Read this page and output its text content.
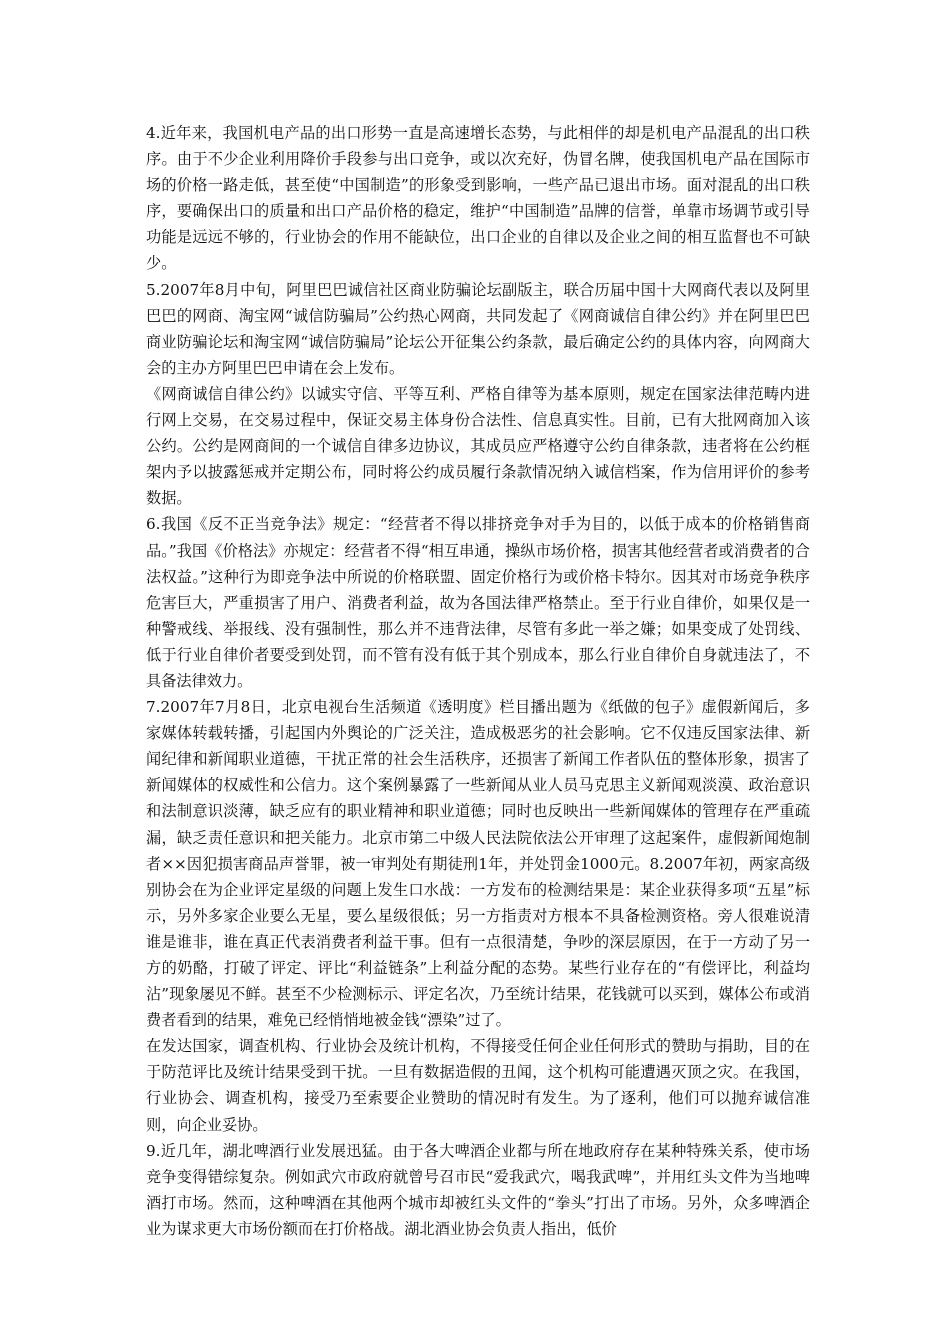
4.近年来，我国机电产品的出口形势一直是高速增长态势，与此相伴的却是机电产品混乱的出口秩序。由于不少企业利用降价手段参与出口竞争，或以次充好，伪冒名牌，使我国机电产品在国际市场的价格一路走低，甚至使“中国制造”的形象受到影响，一些产品已退出市场。面对混乱的出口秩序，要确保出口的质量和出口产品价格的稳定，维护“中国制造”品牌的信誉，单靠市场调节或引导功能是远远不够的，行业协会的作用不能缺位，出口企业的自律以及企业之间的相互监督也不可缺少。

5.2007年8月中旬，阿里巴巴诚信社区商业防骗论坛副版主，联合历届中国十大网商代表以及阿里巴巴的网商、淘宝网“诚信防骗局”公约热心网商，共同发起了《网商诚信自律公约》并在阿里巴巴商业防骗论坛和淘宝网“诚信防骗局”论坛公开征集公约条款，最后确定公约的具体内容，向网商大会的主办方阿里巴巴申请在会上发布。

《网商诚信自律公约》以诚实守信、平等互利、严格自律等为基本原则，规定在国家法律范畴内进行网上交易，在交易过程中，保证交易主体身份合法性、信息真实性。目前，已有大批网商加入该公约。公约是网商间的一个诚信自律多边协议，其成员应严格遵守公约自律条款，违者将在公约框架内予以披露惩戒并定期公布，同时将公约成员履行条款情况纳入诚信档案，作为信用评价的参考数据。

6.我国《反不正当竞争法》规定：“经营者不得以排挤竞争对手为目的，以低于成本的价格销售商品。”我国《价格法》亦规定：经营者不得“相互串通，操纵市场价格，损害其他经营者或消费者的合法权益。”这种行为即竞争法中所说的价格联盟、固定价格行为或价格卡特尔。因其对市场竞争秩序危害巨大，严重损害了用户、消费者利益，故为各国法律严格禁止。至于行业自律价，如果仅是一种警戒线、举报线、没有强制性，那么并不违背法律，尽管有多此一举之嫌；如果变成了处罚线、低于行业自律价者要受到处罚，而不管有没有低于其个别成本，那么行业自律价自身就违法了，不具备法律效力。

7.2007年7月8日，北京电视台生活频道《透明度》栏目播出题为《纸做的包子》虚假新闻后，多家媒体转载转播，引起国内外舆论的广泛关注，造成极恶劣的社会影响。它不仅违反国家法律、新闻纪律和新闻职业道德，干扰正常的社会生活秩序，还损害了新闻工作者队伍的整体形象，损害了新闻媒体的权威性和公信力。这个案例暴露了一些新闻从业人员马克思主义新闻观淡漠、政治意识和法制意识淡薄，缺乏应有的职业精神和职业道德；同时也反映出一些新闻媒体的管理存在严重疏漏，缺乏责任意识和把关能力。北京市第二中级人民法院依法公开审理了这起案件，虚假新闻炮制者××因犯损害商品声誉罪，被一审判处有期徒刑1年，并处罚金1000元。8.2007年初，两家高级别协会在为企业评定星级的问题上发生口水战：一方发布的检测结果是：某企业获得多项“五星”标示，另外多家企业要么无星，要么星级很低；另一方指责对方根本不具备检测资格。旁人很难说清谁是谁非，谁在真正代表消费者利益干事。但有一点很清楚，争吵的深层原因，在于一方动了另一方的奶酪，打破了评定、评比“利益链条”上利益分配的态势。某些行业存在的“有偿评比，利益均沾”现象屡见不鲜。甚至不少检测标示、评定名次，乃至统计结果，花钱就可以买到，媒体公布或消费者看到的结果，难免已经悄悄地被金钱“漂染”过了。

在发达国家，调查机构、行业协会及统计机构，不得接受任何企业任何形式的赞助与捐助，目的在于防范评比及统计结果受到干扰。一旦有数据造假的丑闻，这个机构可能遭遇灭顶之灾。在我国，行业协会、调查机构，接受乃至索要企业赞助的情况时有发生。为了逐利，他们可以抛弃诚信准则，向企业妥协。

9.近几年，湖北啤酒行业发展迅猛。由于各大啤酒企业都与所在地政府存在某种特殊关系，使市场竞争变得错综复杂。例如武穴市政府就曾号召市民“爱我武穴，喝我武啤”，并用红头文件为当地啤酒打市场。然而，这种啤酒在其他两个城市却被红头文件的“拳头”打出了市场。另外，众多啤酒企业为谋求更大市场份额而在打价格战。湖北酒业协会负责人指出，低价
